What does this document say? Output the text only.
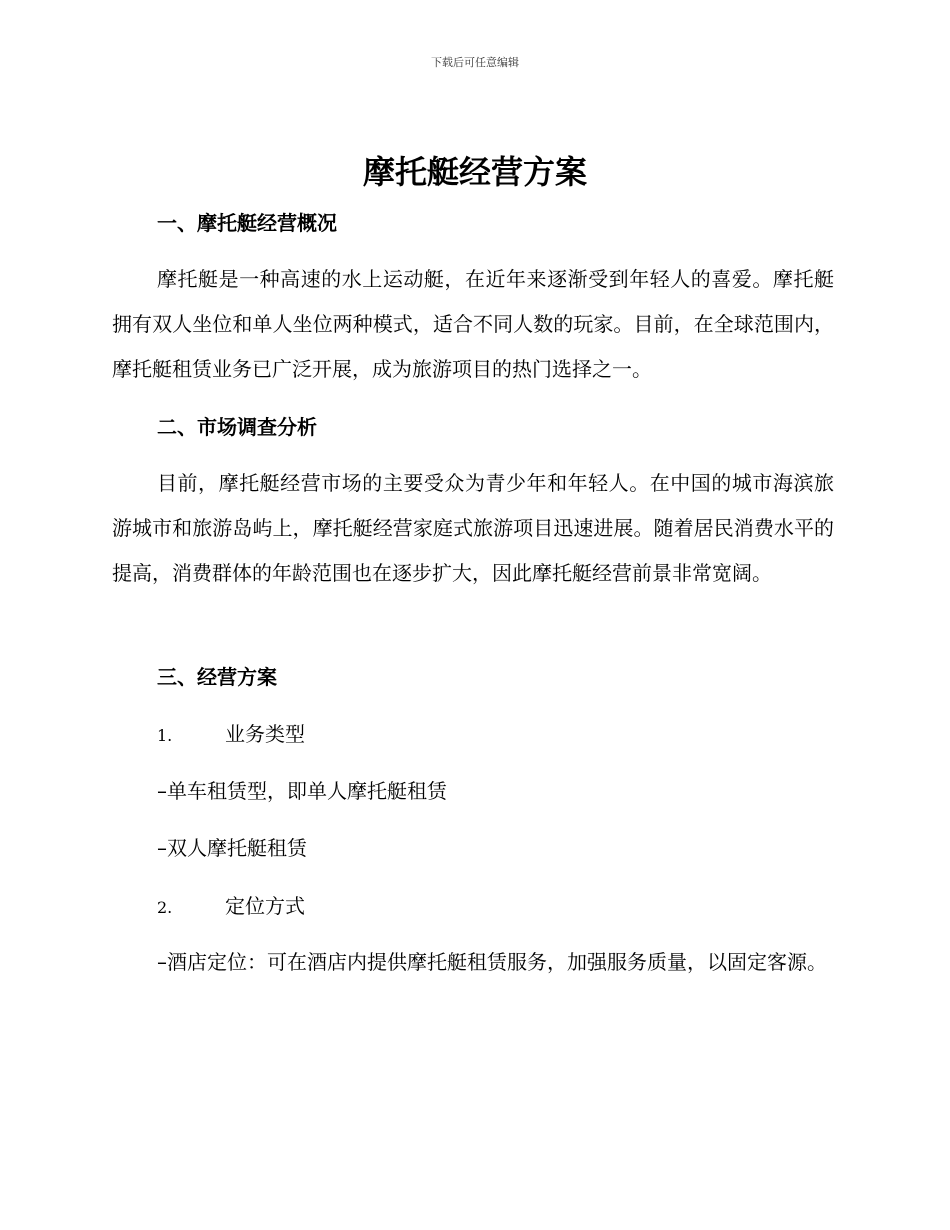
下载后可任意编辑
摩托艇经营方案
一、摩托艇经营概况
摩托艇是一种高速的水上运动艇，在近年来逐渐受到年轻人的喜爱。摩托艇拥有双人坐位和单人坐位两种模式，适合不同人数的玩家。目前，在全球范围内，摩托艇租赁业务已广泛开展，成为旅游项目的热门选择之一。
二、市场调查分析
目前，摩托艇经营市场的主要受众为青少年和年轻人。在中国的城市海滨旅游城市和旅游岛屿上，摩托艇经营家庭式旅游项目迅速进展。随着居民消费水平的提高，消费群体的年龄范围也在逐步扩大，因此摩托艇经营前景非常宽阔。
三、经营方案
1.	业务类型
–单车租赁型，即单人摩托艇租赁
–双人摩托艇租赁
2.	定位方式
–酒店定位：可在酒店内提供摩托艇租赁服务，加强服务质量，以固定客源。
